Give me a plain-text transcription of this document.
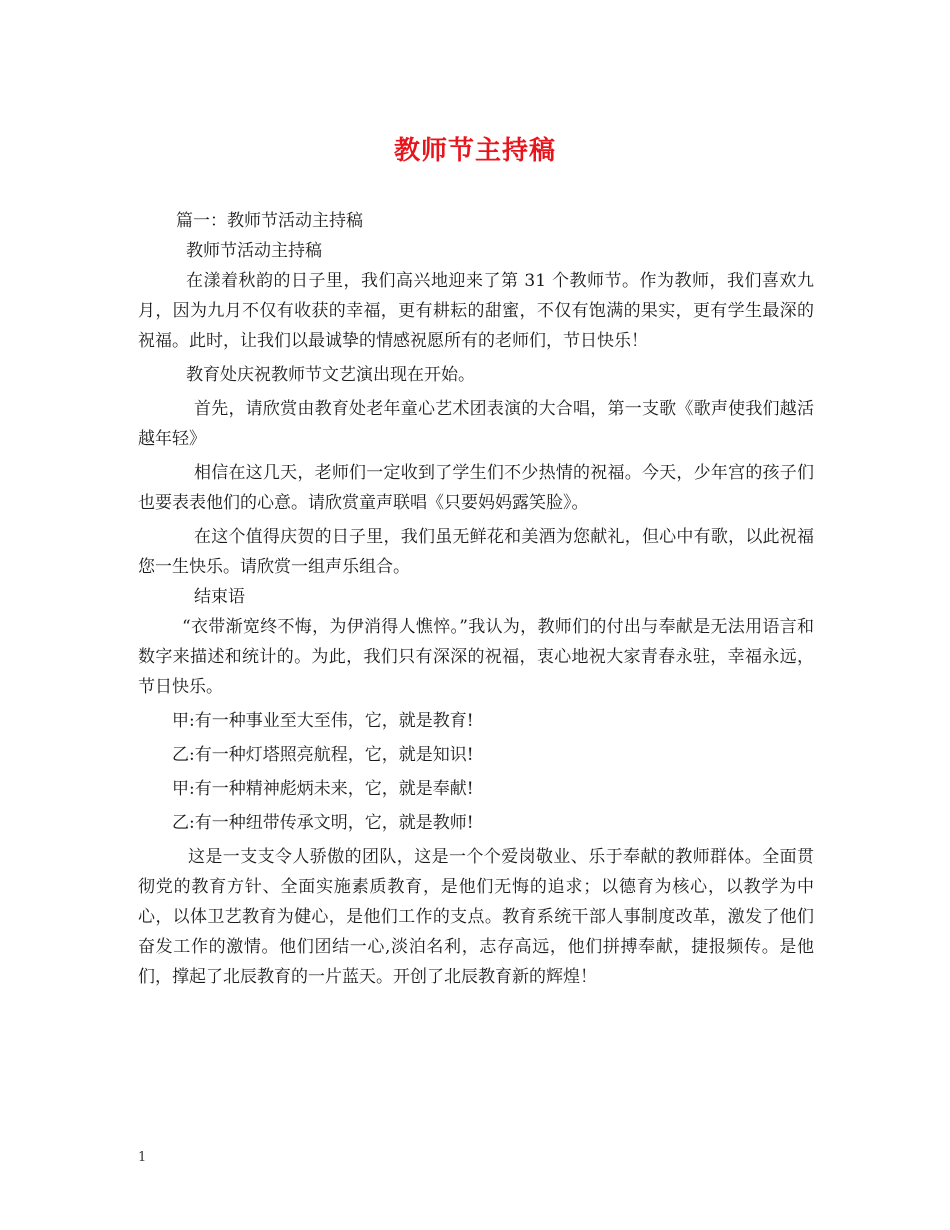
教师节主持稿

篇一：教师节活动主持稿

教师节活动主持稿

在漾着秋韵的日子里，我们高兴地迎来了第 31 个教师节。作为教师，我们喜欢九月，因为九月不仅有收获的幸福，更有耕耘的甜蜜，不仅有饱满的果实，更有学生最深的祝福。此时，让我们以最诚挚的情感祝愿所有的老师们，节日快乐！

教育处庆祝教师节文艺演出现在开始。

首先，请欣赏由教育处老年童心艺术团表演的大合唱，第一支歌《歌声使我们越活越年轻》

相信在这几天，老师们一定收到了学生们不少热情的祝福。今天，少年宫的孩子们也要表表他们的心意。请欣赏童声联唱《只要妈妈露笑脸》。

在这个值得庆贺的日子里，我们虽无鲜花和美酒为您献礼，但心中有歌，以此祝福您一生快乐。请欣赏一组声乐组合。

结束语

“衣带渐宽终不悔，为伊消得人憔悴。”我认为，教师们的付出与奉献是无法用语言和数字来描述和统计的。为此，我们只有深深的祝福，衷心地祝大家青春永驻，幸福永远，节日快乐。

甲:有一种事业至大至伟，它，就是教育!

乙:有一种灯塔照亮航程，它，就是知识!

甲:有一种精神彪炳未来，它，就是奉献!

乙:有一种纽带传承文明，它，就是教师!

这是一支支令人骄傲的团队，这是一个个爱岗敬业、乐于奉献的教师群体。全面贯彻党的教育方针、全面实施素质教育，是他们无悔的追求；以德育为核心，以教学为中心，以体卫艺教育为健心，是他们工作的支点。教育系统干部人事制度改革，激发了他们奋发工作的激情。他们团结一心,淡泊名利，志存高远，他们拼搏奉献，捷报频传。是他们，撑起了北辰教育的一片蓝天。开创了北辰教育新的辉煌！

1
